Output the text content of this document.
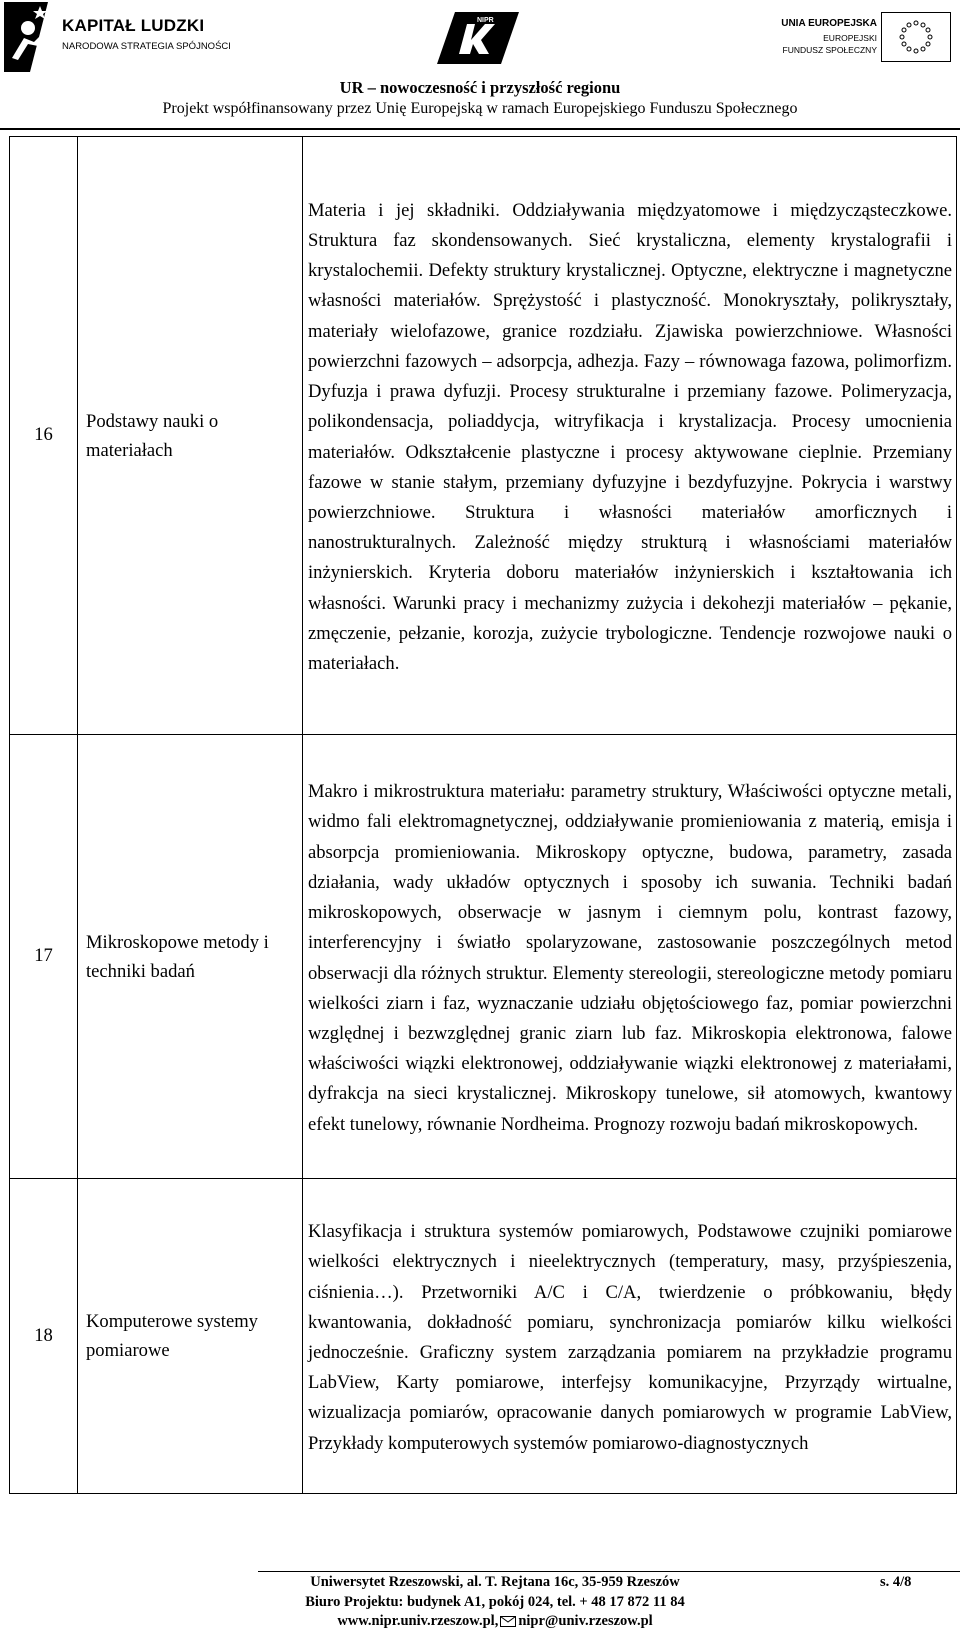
KAPITAŁ LUDZKI
NARODOWA STRATEGIA SPÓJNOŚCI
NIPR	UNIA EUROPEJSKA
EUROPEJSKI
FUNDUSZ SPOŁECZNY
UR – nowoczesność i przyszłość regionu
Projekt współfinansowany przez Unię Europejską w ramach Europejskiego Funduszu Społecznego
16	Podstawy nauki o materiałach	Materia i jej składniki. Oddziaływania międzyatomowe i międzycząsteczkowe. Struktura faz skondensowanych. Sieć krystaliczna, elementy krystalografii i krystalochemii. Defekty struktury krystalicznej. Optyczne, elektryczne i magnetyczne własności materiałów. Sprężystość i plastyczność. Monokryształy, polikryształy, materiały wielofazowe, granice rozdziału. Zjawiska powierzchniowe. Własności powierzchni fazowych – adsorpcja, adhezja. Fazy – równowaga fazowa, polimorfizm. Dyfuzja i prawa dyfuzji. Procesy strukturalne i przemiany fazowe. Polimeryzacja, polikondensacja, poliaddycja, witryfikacja i krystalizacja. Procesy umocnienia materiałów. Odkształcenie plastyczne i procesy aktywowane cieplnie. Przemiany fazowe w stanie stałym, przemiany dyfuzyjne i bezdyfuzyjne. Pokrycia i warstwy powierzchniowe. Struktura i własności materiałów amorficznych i nanostrukturalnych. Zależność między strukturą i własnościami materiałów inżynierskich. Kryteria doboru materiałów inżynierskich i kształtowania ich własności. Warunki pracy i mechanizmy zużycia i dekohezji materiałów – pękanie, zmęczenie, pełzanie, korozja, zużycie trybologiczne. Tendencje rozwojowe nauki o materiałach.
17	Mikroskopowe metody i techniki badań	Makro i mikrostruktura materiału: parametry struktury, Właściwości optyczne metali, widmo fali elektromagnetycznej, oddziaływanie promieniowania z materią, emisja i absorpcja promieniowania. Mikroskopy optyczne, budowa, parametry, zasada działania, wady układów optycznych i sposoby ich suwania. Techniki badań mikroskopowych, obserwacje w jasnym i ciemnym polu, kontrast fazowy, interferencyjny i światło spolaryzowane, zastosowanie poszczególnych metod obserwacji dla różnych struktur. Elementy stereologii, stereologiczne metody pomiaru wielkości ziarn i faz, wyznaczanie udziału objętościowego faz, pomiar powierzchni względnej i bezwzględnej granic ziarn lub faz. Mikroskopia elektronowa, falowe właściwości wiązki elektronowej, oddziaływanie wiązki elektronowej z materiałami, dyfrakcja na sieci krystalicznej. Mikroskopy tunelowe, sił atomowych, kwantowy efekt tunelowy, równanie Nordheima. Prognozy rozwoju badań mikroskopowych.
18	Komputerowe systemy pomiarowe	Klasyfikacja i struktura systemów pomiarowych, Podstawowe czujniki pomiarowe wielkości elektrycznych i nieelektrycznych (temperatury, masy, przyśpieszenia, ciśnienia…). Przetworniki A/C i C/A, twierdzenie o próbkowaniu, błędy kwantowania, dokładność pomiaru, synchronizacja pomiarów kilku wielkości jednocześnie. Graficzny system zarządzania pomiarem na przykładzie programu LabView, Karty pomiarowe, interfejsy komunikacyjne, Przyrządy wirtualne, wizualizacja pomiarów, opracowanie danych pomiarowych w programie LabView, Przykłady komputerowych systemów pomiarowo-diagnostycznych
Uniwersytet Rzeszowski, al. T. Rejtana 16c, 35-959 Rzeszów	s. 4/8
Biuro Projektu: budynek A1, pokój 024, tel. + 48 17 872 11 84
www.nipr.univ.rzeszow.pl, nipr@univ.rzeszow.pl
